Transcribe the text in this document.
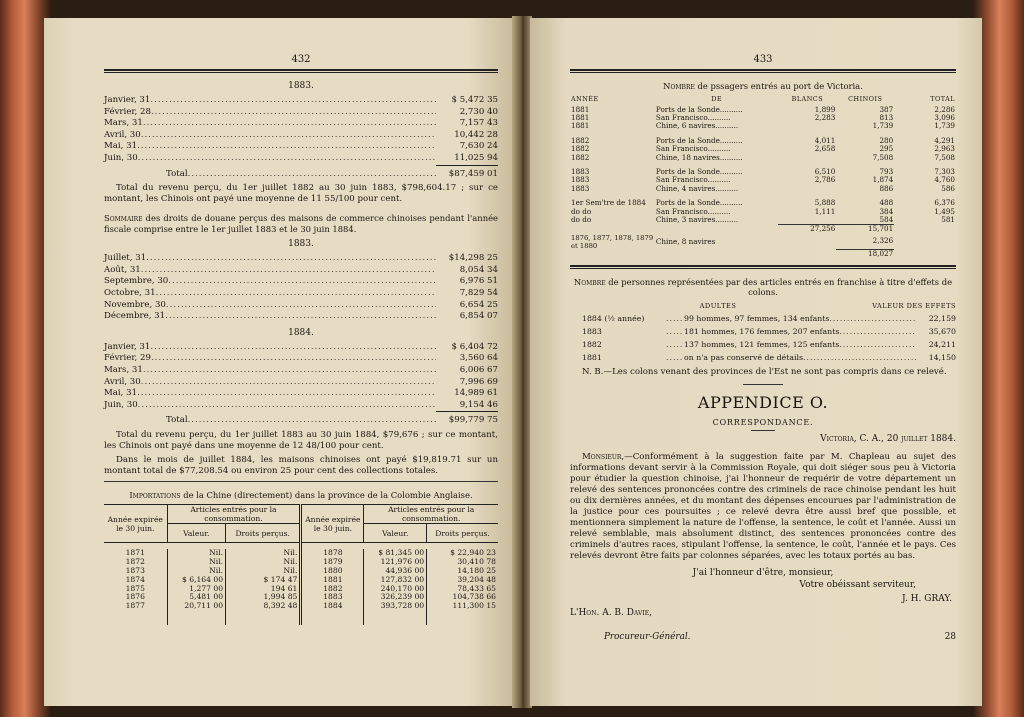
432
1883.
Janvier, 31 .....	$ 5,472 35
Février, 28 .....	2,730 40
Mars, 31 .....	7,157 43
Avril, 30 .....	10,442 28
Mai, 31 .....	7,630 24
Juin, 30 .....	11,025 94
Total .....	$87,459 01

Total du revenu perçu, du 1er juillet 1882 au 30 juin 1883, $798,604.17 ; sur ce montant, les Chinois ont payé une moyenne de 11 55/100 pour cent.

Sommaire des droits de douane perçus des maisons de commerce chinoises pendant l'année fiscale comprise entre le 1er juillet 1883 et le 30 juin 1884.

1883.
Juillet, 31 .....	$14,298 25
Août, 31 .....	8,054 34
Septembre, 30 .....	6,976 51
Octobre, 31 .....	7,829 54
Novembre, 30 .....	6,654 25
Décembre, 31 .....	6,854 07
1884.
Janvier, 31 .....	$ 6,404 72
Février, 29 .....	3,560 64
Mars, 31 .....	6,006 67
Avril, 30 .....	7,996 69
Mai, 31 .....	14,989 61
Juin, 30 .....	9,154 46
Total .....	$99,779 75

Total du revenu perçu, du 1er juillet 1883 au 30 juin 1884, $79,676 ; sur ce montant, les Chinois ont payé dans une moyenne de 12 48/100 pour cent.

Dans le mois de juillet 1884, les maisons chinoises ont payé $19,819.71 sur un montant total de $77,208.54 ou environ 25 pour cent des collections totales.

Importations de la Chine (directement) dans la province de la Colombie Anglaise.

Année expirée le 30 juin.	Articles entrés pour la consommation.		Année expirée le 30 juin.	Articles entrés pour la consommation.	
	Valeur.	Droits perçus.		Valeur.	Droits perçus.

1871	Nil.	Nil.	1878	$ 81,345 00	$ 22,940 23
1872	Nil.	Nil.	1879	121,976 00	30,410 78
1873	Nil.	Nil.	1880	44,936 00	14,180 25
1874	$ 6,164 00	$ 174 47	1881	127,832 00	39,204 48
1875	1,277 00	194 61	1882	240,170 00	78,433 65
1876	5,481 00	1,994 85	1883	326,239 00	104,738 66
1877	20,711 00	8,392 48	1884	393,728 00	111,300 15

433

Nombre de pssagers entrés au port de Victoria.

ANNÉE	DE	BLANCS	CHINOIS	TOTAL
1881	Ports de la Sonde..........	1,899	387	2,286
1881	San Francisco..........	2,283	813	3,096
1881	Chine, 6 navires..........		1,739	1,739

1882	Ports de la Sonde..........	4,011	280	4,291
1882	San Francisco..........	2,658	295	2,963
1882	Chine, 18 navires..........		7,508	7,508

1883	Ports de la Sonde..........	6,510	793	7,303
1883	San Francisco..........	2,786	1,874	4,760
1883	Chine, 4 navires..........		886	586

1er Sem'tre de 1884	Ports de la Sonde..........	5,888	488	6,376
do do	San Francisco..........	1,111	384	1,495
do do	Chine, 3 navires..........		584	581
		27,256	15,701	
1876, 1877, 1878, 1879 et 1880	Chine, 8 navires		2,326	
			18,027	

Nombre de personnes représentées par des articles entrés en franchise à titre d'effets de colons.

ADULTES	VALEUR DES EFFETS
1884 (½ année) .....	99 hommes, 97 femmes, 134 enfants .....	22,159
1883 .....	181 hommes, 176 femmes, 207 enfants .....	35,670
1882 .....	137 hommes, 121 femmes, 125 enfants .....	24,211
1881 .....	on n'a pas conservé de détails .....	14,150

N. B.—Les colons venant des provinces de l'Est ne sont pas compris dans ce relevé.

APPENDICE O.
CORRESPONDANCE.
Victoria, C. A., 20 juillet 1884.

Monsieur,—Conformément à la suggestion faite par M. Chapleau au sujet des informations devant servir à la Commission Royale, qui doit siéger sous peu à Victoria pour étudier la question chinoise, j'ai l'honneur de requérir de votre département un relevé des sentences prononcées contre des criminels de race chinoise pendant les huit ou dix dernières années, et du montant des dépenses encourues par l'administration de la justice pour ces poursuites ; ce relevé devra être aussi bref que possible, et mentionnera simplement la nature de l'offense, la sentence, le coût et l'année. Aussi un relevé semblable, mais absolument distinct, des sentences prononcées contre des criminels d'autres races, stipulant l'offense, la sentence, le coût, l'année et le pays. Ces relevés devront être faits par colonnes séparées, avec les totaux portés au bas.

J'ai l'honneur d'être, monsieur,
Votre obéissant serviteur,
J. H. GRAY.
L'Hon. A. B. Davie,
Procureur-Général.	28
